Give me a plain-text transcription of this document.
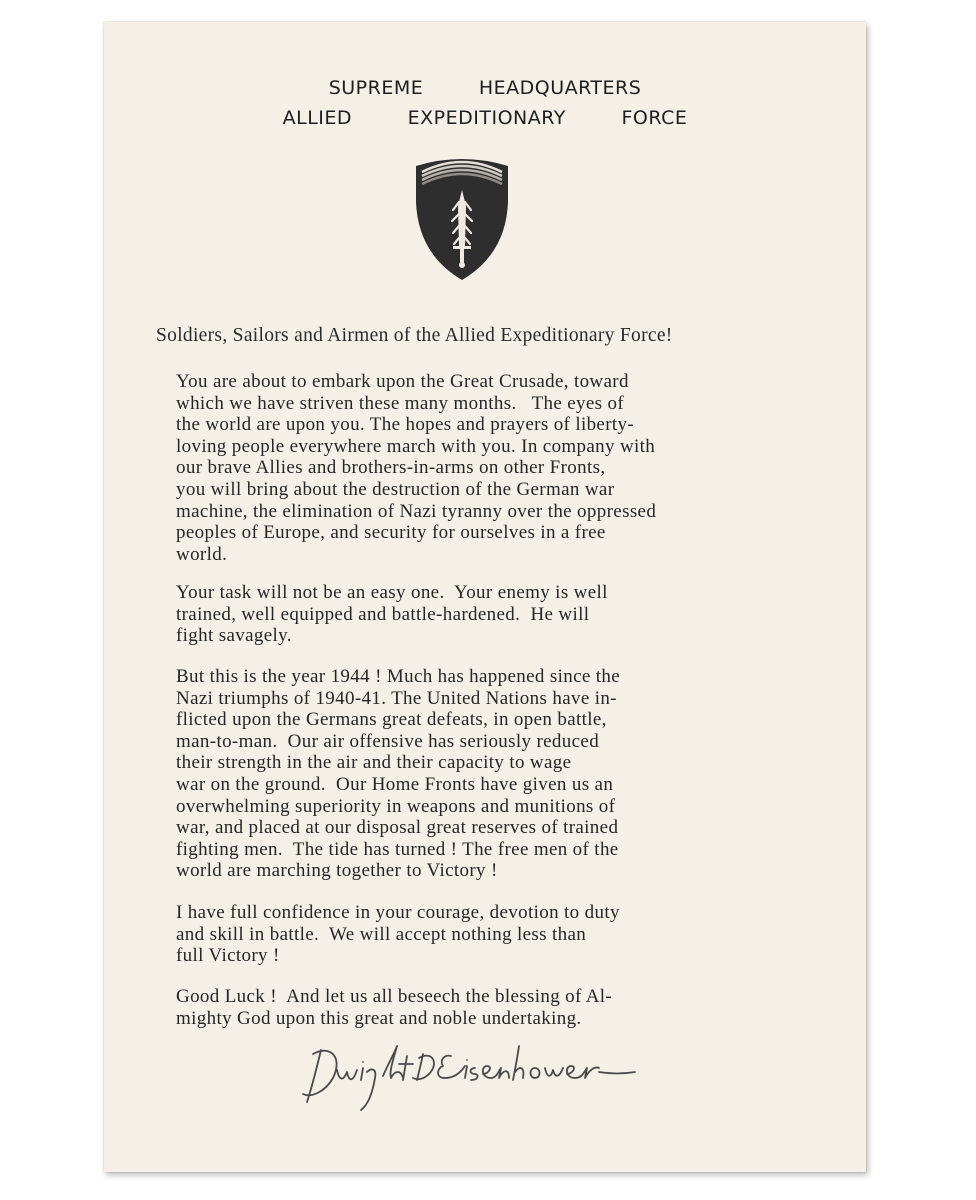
SUPREME   HEADQUARTERS
ALLIED   EXPEDITIONARY   FORCE
Soldiers, Sailors and Airmen of the Allied Expeditionary Force!

You are about to embark upon the Great Crusade, toward
which we have striven these many months.   The eyes of
the world are upon you. The hopes and prayers of liberty-
loving people everywhere march with you. In company with
our brave Allies and brothers-in-arms on other Fronts,
you will bring about the destruction of the German war
machine, the elimination of Nazi tyranny over the oppressed
peoples of Europe, and security for ourselves in a free
world.

Your task will not be an easy one.  Your enemy is well
trained, well equipped and battle-hardened.  He will
fight savagely.

But this is the year 1944 ! Much has happened since the
Nazi triumphs of 1940-41. The United Nations have in-
flicted upon the Germans great defeats, in open battle,
man-to-man.  Our air offensive has seriously reduced
their strength in the air and their capacity to wage
war on the ground.  Our Home Fronts have given us an
overwhelming superiority in weapons and munitions of
war, and placed at our disposal great reserves of trained
fighting men.  The tide has turned ! The free men of the
world are marching together to Victory !

I have full confidence in your courage, devotion to duty
and skill in battle.  We will accept nothing less than
full Victory !

Good Luck !  And let us all beseech the blessing of Al-
mighty God upon this great and noble undertaking.
